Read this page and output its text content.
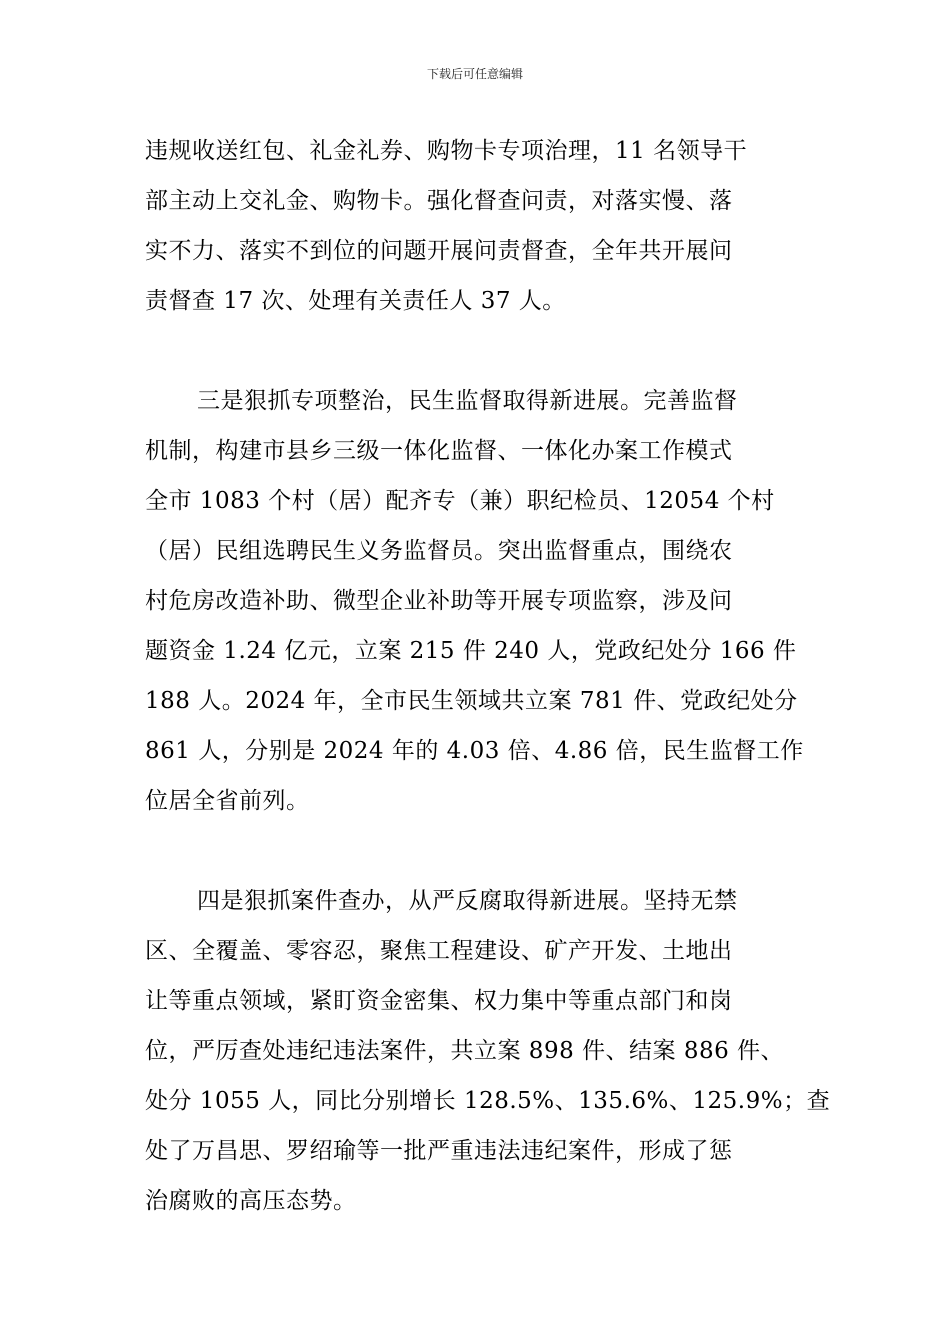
下载后可任意编辑

违规收送红包、礼金礼券、购物卡专项治理，11 名领导干
部主动上交礼金、购物卡。强化督查问责，对落实慢、落
实不力、落实不到位的问题开展问责督查，全年共开展问
责督查 17 次、处理有关责任人 37 人。

三是狠抓专项整治，民生监督取得新进展。完善监督
机制，构建市县乡三级一体化监督、一体化办案工作模式
全市 1083 个村（居）配齐专（兼）职纪检员、12054 个村
（居）民组选聘民生义务监督员。突出监督重点，围绕农
村危房改造补助、微型企业补助等开展专项监察，涉及问
题资金 1.24 亿元，立案 215 件 240 人，党政纪处分 166 件
188 人。2024 年，全市民生领域共立案 781 件、党政纪处分
861 人，分别是 2024 年的 4.03 倍、4.86 倍，民生监督工作
位居全省前列。

四是狠抓案件查办，从严反腐取得新进展。坚持无禁
区、全覆盖、零容忍，聚焦工程建设、矿产开发、土地出
让等重点领域，紧盯资金密集、权力集中等重点部门和岗
位，严厉查处违纪违法案件，共立案 898 件、结案 886 件、
处分 1055 人，同比分别增长 128.5%、135.6%、125.9%；查
处了万昌思、罗绍瑜等一批严重违法违纪案件，形成了惩
治腐败的高压态势。
